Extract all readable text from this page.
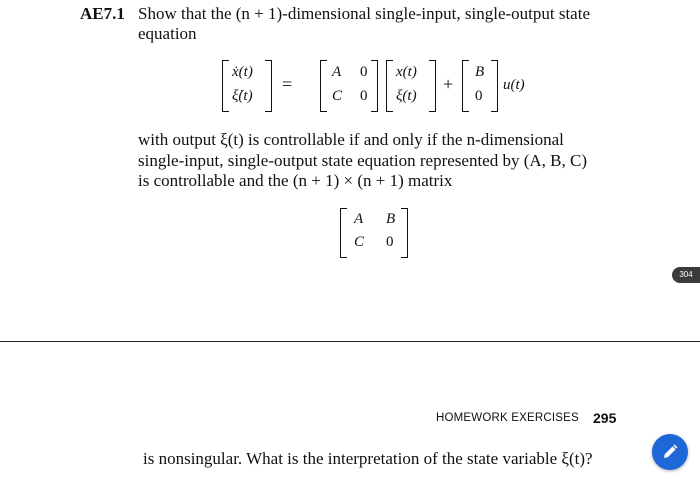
AE7.1 Show that the (n + 1)-dimensional single-input, single-output state
equation
ẋ(t)
ξ̇(t)
=
A 0
C 0
x(t)
ξ(t)
+
B
0
u(t)
with output ξ(t) is controllable if and only if the n-dimensional
single-input, single-output state equation represented by (A, B, C)
is controllable and the (n + 1) × (n + 1) matrix
A B
C 0
304
HOMEWORK EXERCISES 295
is nonsingular. What is the interpretation of the state variable ξ(t)?
